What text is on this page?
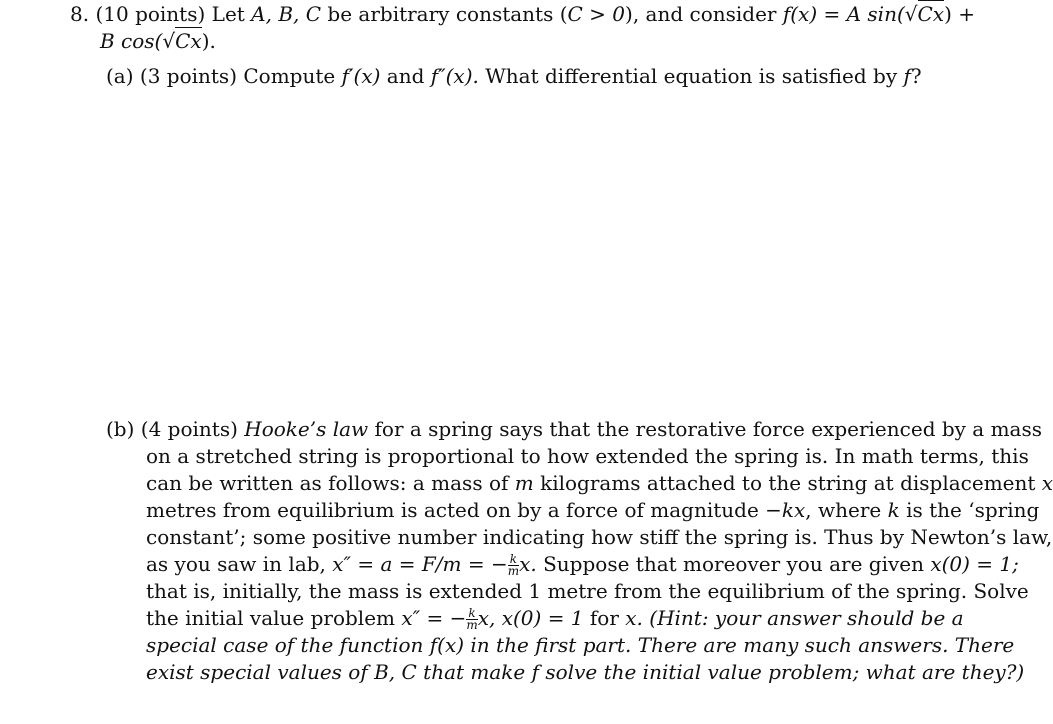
8. (10 points) Let A, B, C be arbitrary constants (C > 0), and consider f(x) = A sin(√Cx) +
B cos(√Cx).
(a) (3 points) Compute f′(x) and f″(x). What differential equation is satisfied by f?
(b) (4 points) Hooke’s law for a spring says that the restorative force experienced by a mass
on a stretched string is proportional to how extended the spring is. In math terms, this
can be written as follows: a mass of m kilograms attached to the string at displacement x
metres from equilibrium is acted on by a force of magnitude −kx, where k is the ‘spring
constant’; some positive number indicating how stiff the spring is. Thus by Newton’s law,
as you saw in lab, x″ = a = F/m = − $\frac{k}{m} x$. Suppose that moreover you are given x(0) = 1;
that is, initially, the mass is extended 1 metre from the equilibrium of the spring. Solve
the initial value problem x″ = − $\frac{k}{m} x$, x(0) = 1 for x. (Hint: your answer should be a
special case of the function f(x) in the first part. There are many such answers. There
exist special values of B, C that make f solve the initial value problem; what are they?)
